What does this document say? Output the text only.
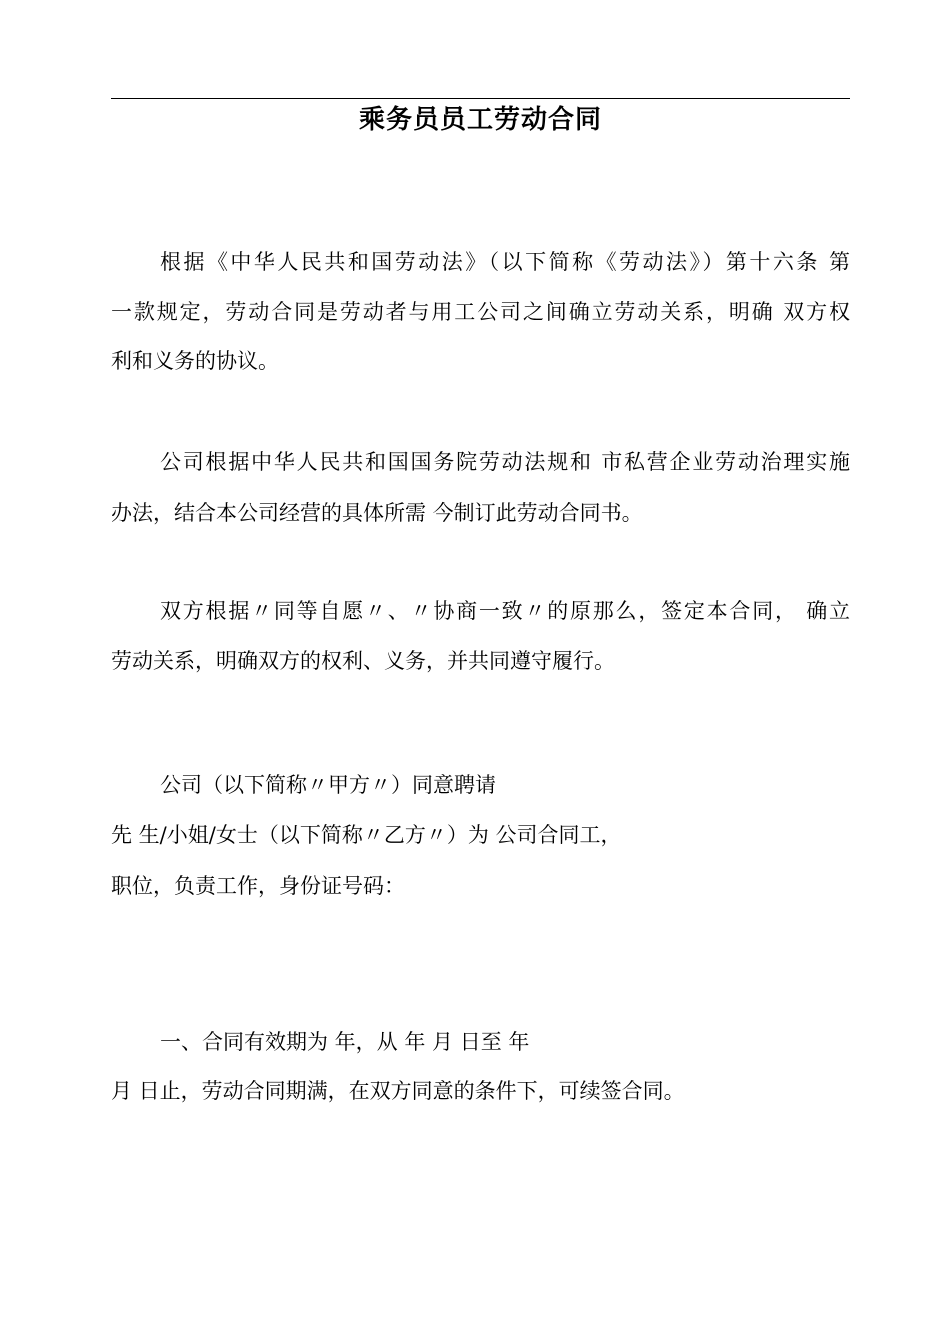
乘务员员工劳动合同
根据《中华人民共和国劳动法》（以下简称《劳动法》）第十六条 第
一款规定，劳动合同是劳动者与用工公司之间确立劳动关系，明确 双方权
利和义务的协议。
公司根据中华人民共和国国务院劳动法规和 市私营企业劳动治理实施
办法，结合本公司经营的具体所需 今制订此劳动合同书。
双方根据〃同等自愿〃、〃协商一致〃的原那么，签定本合同， 确立
劳动关系，明确双方的权利、义务，并共同遵守履行。
公司（以下简称〃甲方〃）同意聘请
先 生/小姐/女士（以下简称〃乙方〃）为 公司合同工，
职位，负责工作，身份证号码：
一、合同有效期为 年，从 年 月 日至 年
月 日止，劳动合同期满，在双方同意的条件下，可续签合同。
